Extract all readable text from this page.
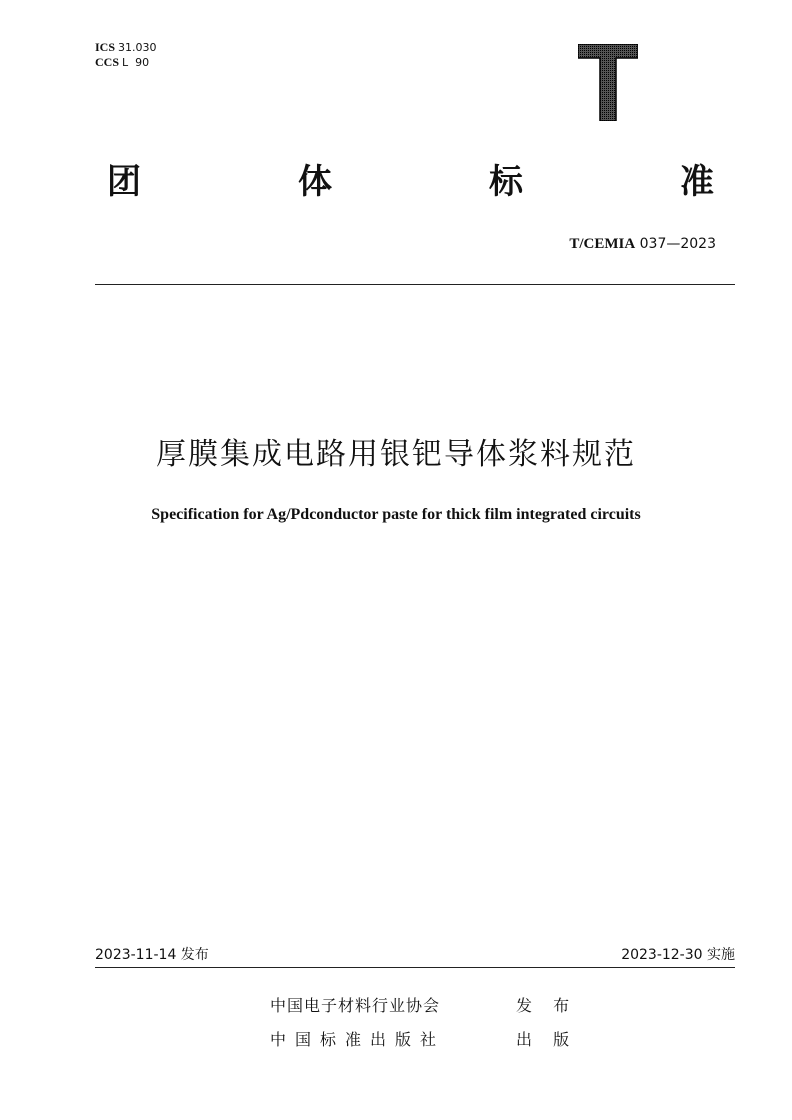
ICS 31.030
CCS L  90
团	体	标	准
T/CEMIA 037—2023
厚膜集成电路用银钯导体浆料规范
Specification for Ag/Pdconductor paste for thick film integrated circuits
2023-11-14 发布	2023-12-30 实施
中国电子材料行业协会	发 布
中国标准出版社	出 版
